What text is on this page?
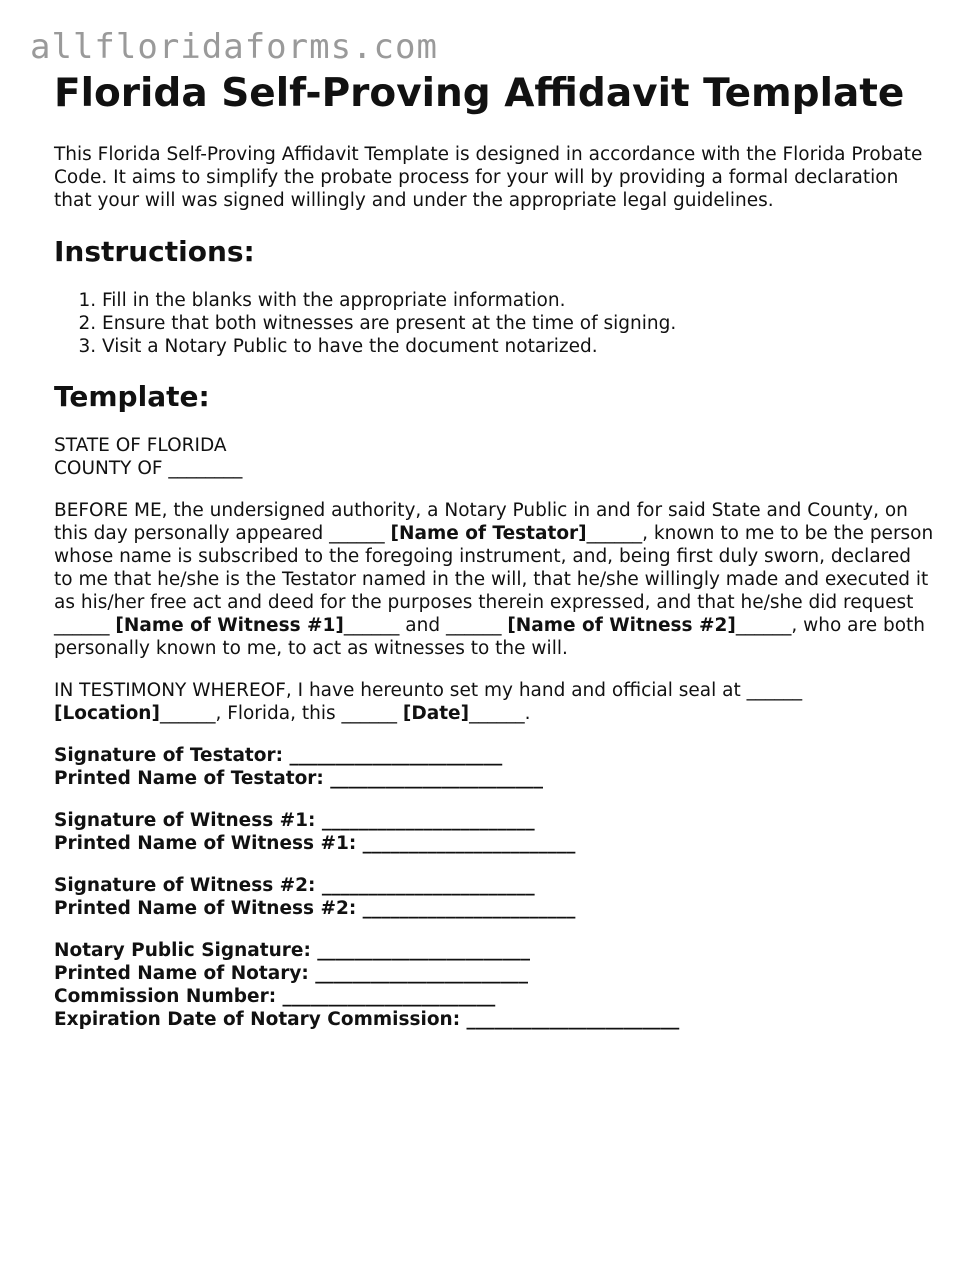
allfloridaforms.com
Florida Self-Proving Affidavit Template

This Florida Self-Proving Affidavit Template is designed in accordance with the Florida Probate Code. It aims to simplify the probate process for your will by providing a formal declaration that your will was signed willingly and under the appropriate legal guidelines.

Instructions:
1. Fill in the blanks with the appropriate information.
2. Ensure that both witnesses are present at the time of signing.
3. Visit a Notary Public to have the document notarized.
Template:
STATE OF FLORIDA
COUNTY OF ________
BEFORE ME, the undersigned authority, a Notary Public in and for said State and County, on this day personally appeared ______ [Name of Testator]______, known to me to be the person whose name is subscribed to the foregoing instrument, and, being first duly sworn, declared to me that he/she is the Testator named in the will, that he/she willingly made and executed it as his/her free act and deed for the purposes therein expressed, and that he/she did request ______ [Name of Witness #1]______ and ______ [Name of Witness #2]______, who are both personally known to me, to act as witnesses to the will.
IN TESTIMONY WHEREOF, I have hereunto set my hand and official seal at ______ [Location]______, Florida, this ______ [Date]______.
Signature of Testator: _______________________
Printed Name of Testator: _______________________
Signature of Witness #1: _______________________
Printed Name of Witness #1: _______________________
Signature of Witness #2: _______________________
Printed Name of Witness #2: _______________________
Notary Public Signature: _______________________
Printed Name of Notary: _______________________
Commission Number: _______________________
Expiration Date of Notary Commission: _______________________
